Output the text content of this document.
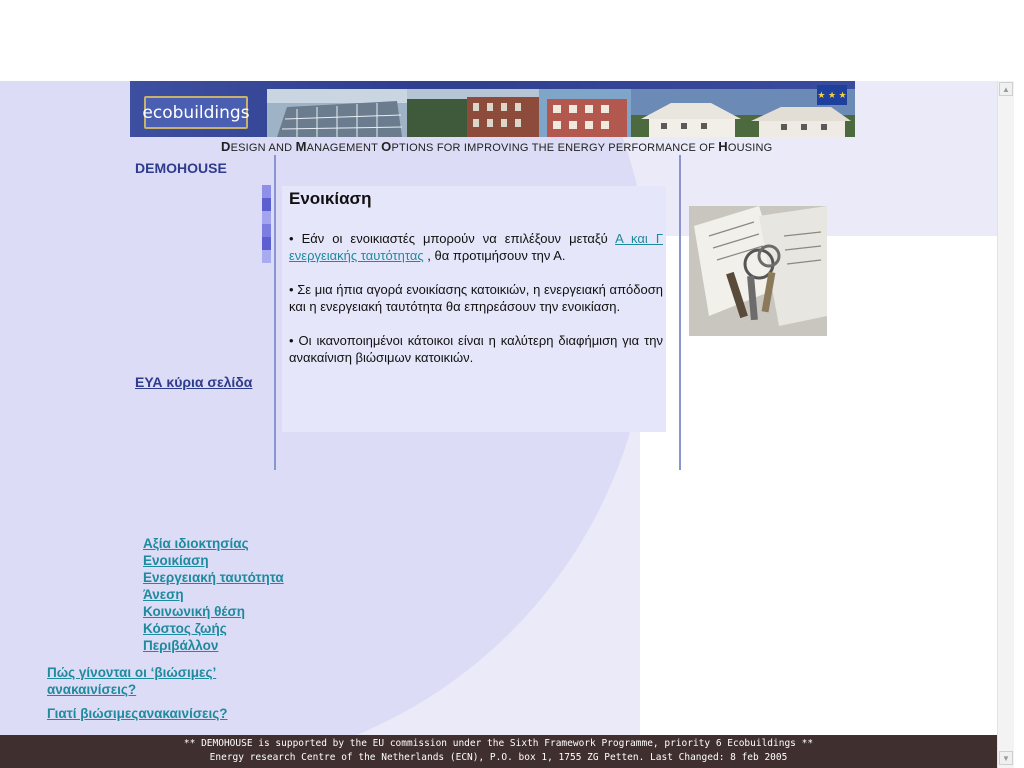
ecobuildings
★ ★ ★
DESIGN AND MANAGEMENT OPTIONS FOR IMPROVING THE ENERGY PERFORMANCE OF HOUSING
DEMOHOUSE
Ενοικίαση

• Εάν οι ενοικιαστές μπορούν να επιλέξουν μεταξύ Α και Γ ενεργειακής ταυτότητας , θα προτιμήσουν την Α.

• Σε μια ήπια αγορά ενοικίασης κατοικιών, η ενεργειακή απόδοση και η ενεργειακή ταυτότητα θα επηρεάσουν την ενοικίαση.

• Οι ικανοποιημένοι κάτοικοι είναι η καλύτερη διαφήμιση για την ανακαίνιση βιώσιμων κατοικιών.

ΕΥΑ κύρια σελίδα
Αξία ιδιοκτησίας
Ενοικίαση
Ενεργειακή ταυτότητα
Άνεση
Κοινωνική θέση
Κόστος ζωής
Περιβάλλον
Πώς γίνονται οι ‘βιώσιμες’ ανακαινίσεις?
Γιατί βιώσιμεςανακαινίσεις?
** DEMOHOUSE is supported by the EU commission under the Sixth Framework Programme, priority 6 Ecobuildings **
Energy research Centre of the Netherlands (ECN), P.O. box 1, 1755 ZG Petten. Last Changed: 8 feb 2005
▲
▼
